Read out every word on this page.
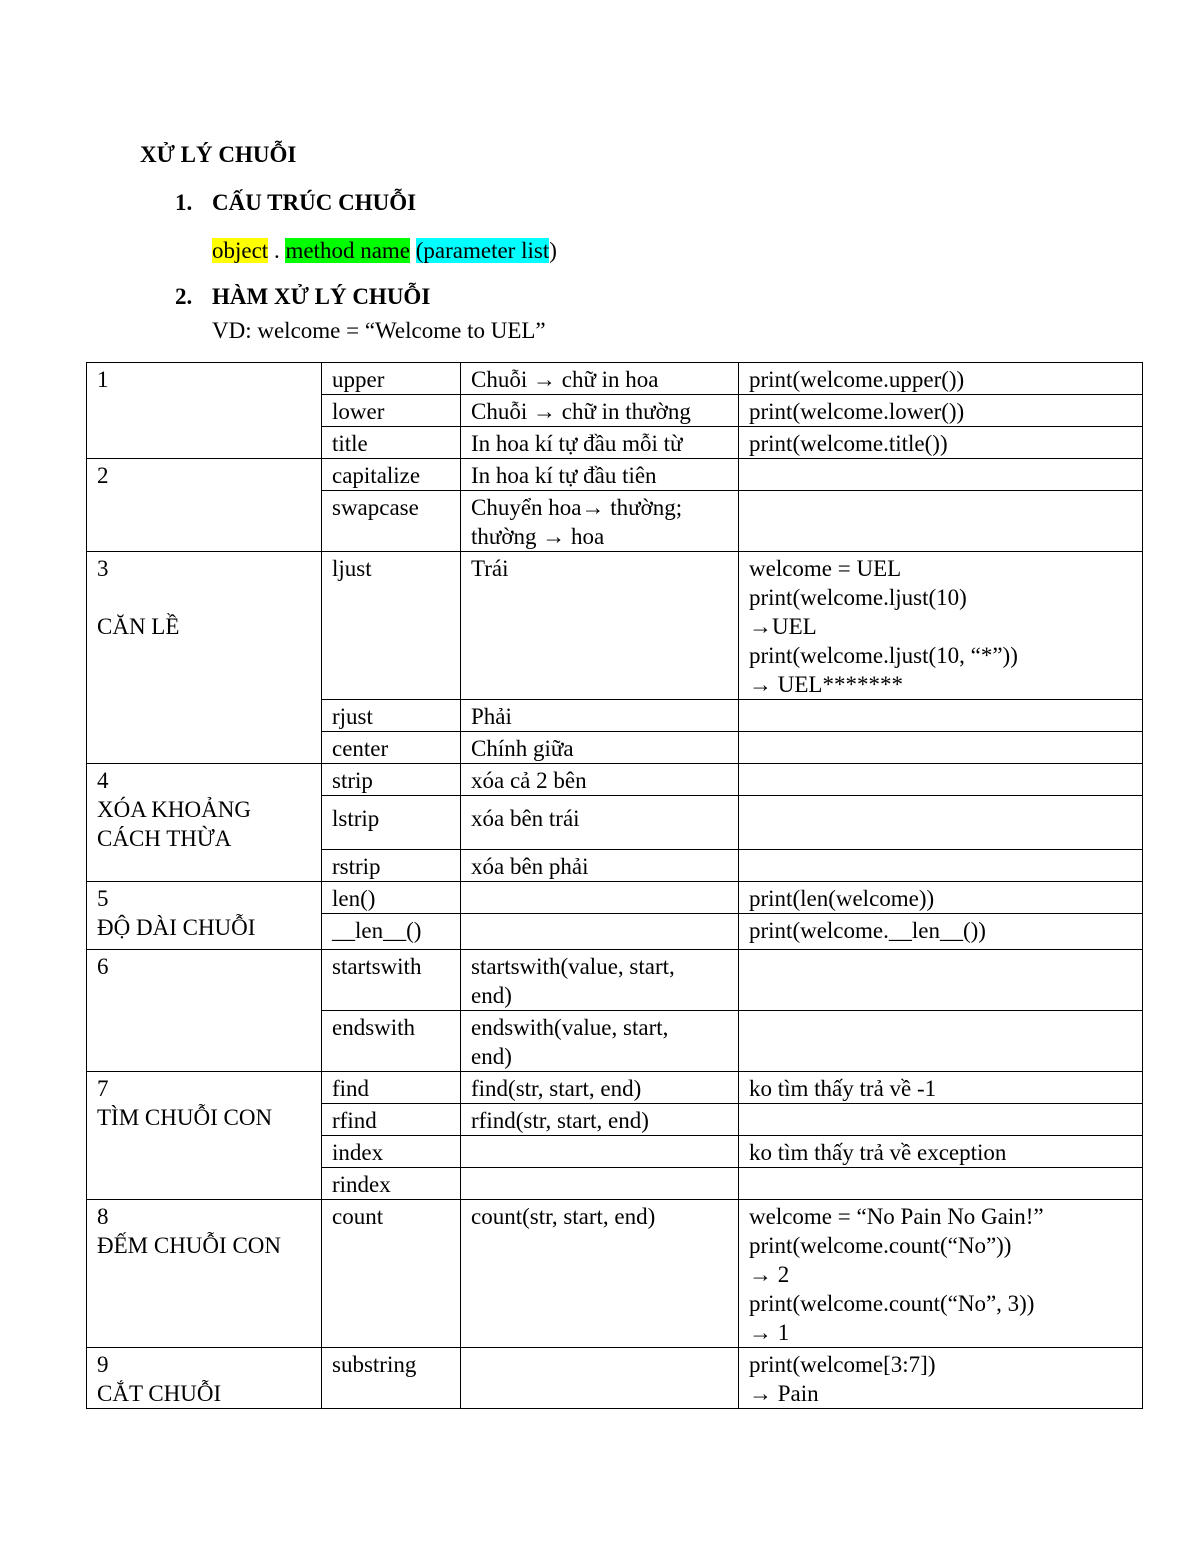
XỬ LÝ CHUỖI
1. CẤU TRÚC CHUỖI
object . method name (parameter list)
2. HÀM XỬ LÝ CHUỖI
VD: welcome = “Welcome to UEL”
1	upper	Chuỗi → chữ in hoa	print(welcome.upper())
	lower	Chuỗi → chữ in thường	print(welcome.lower())
	title	In hoa kí tự đầu mỗi từ	print(welcome.title())
2	capitalize	In hoa kí tự đầu tiên	
	swapcase	Chuyển hoa→ thường;
thường → hoa	

3
CĂN LỀ	ljust	Trái	welcome = UEL
print(welcome.ljust(10)
→UEL
print(welcome.ljust(10, “*”))
→ UEL*******

	rjust	Phải	
	center	Chính giữa	

4
XÓA KHOẢNG
CÁCH THỪA	strip	xóa cả 2 bên	
	lstrip	xóa bên trái	
	rstrip	xóa bên phải	

5
ĐỘ DÀI CHUỖI	len()		print(len(welcome))
	__len__()		print(welcome.__len__())
6	startswith	startswith(value, start,
end)	

	endswith	endswith(value, start,
end)	

7
TÌM CHUỖI CON	find	find(str, start, end)	ko tìm thấy trả về -1
	rfind	rfind(str, start, end)	
	index		ko tìm thấy trả về exception
	rindex		

8
ĐẾM CHUỖI CON	count	count(str, start, end)	welcome = “No Pain No Gain!”
print(welcome.count(“No”))
→ 2
print(welcome.count(“No”, 3))
→ 1

9
CẮT CHUỖI	substring		print(welcome[3:7])
→ Pain
